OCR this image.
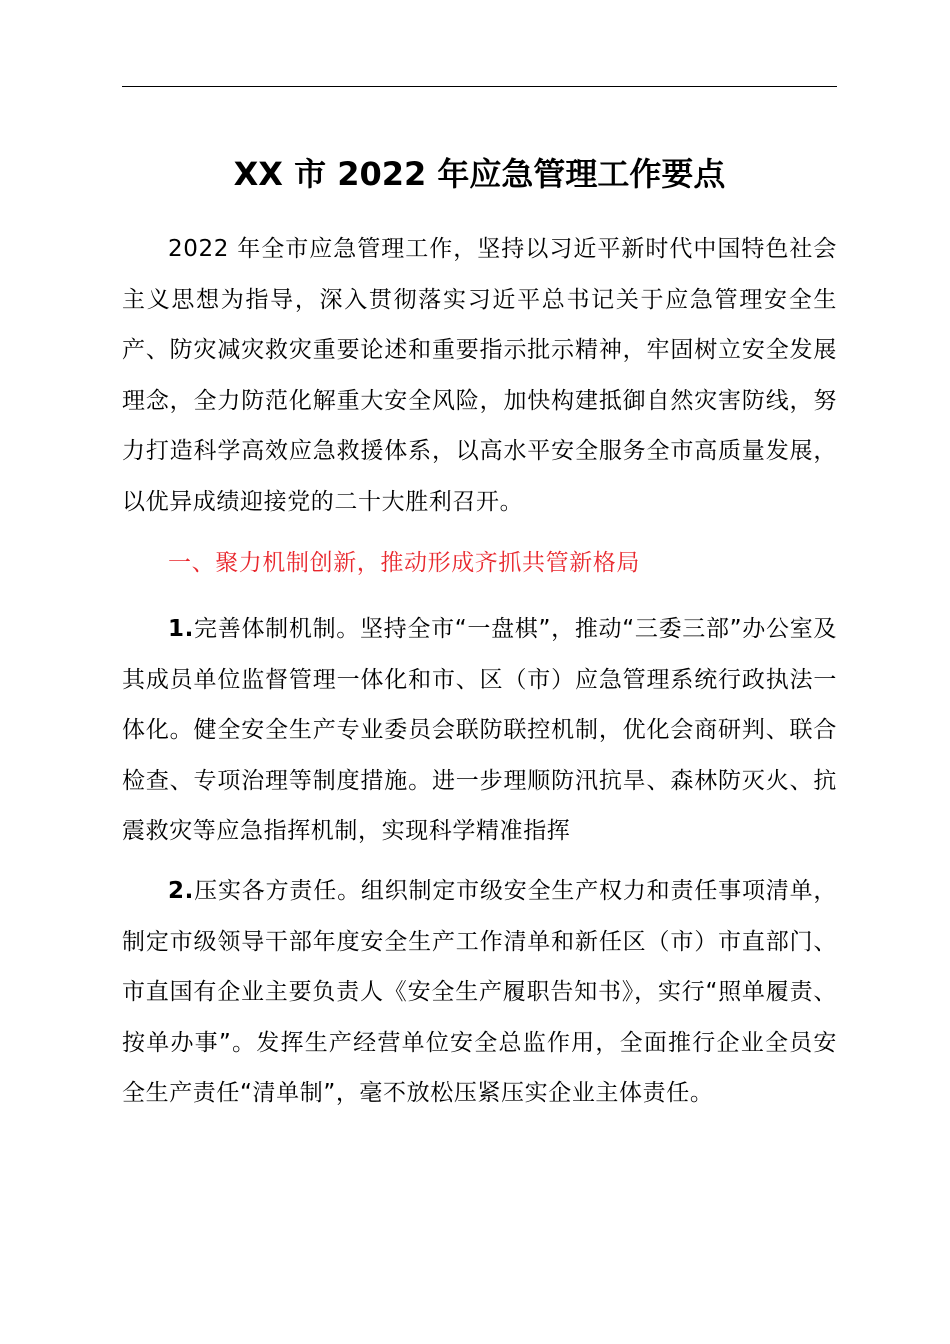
XX 市 2022 年应急管理工作要点

2022 年全市应急管理工作，坚持以习近平新时代中国特色社会主义思想为指导，深入贯彻落实习近平总书记关于应急管理安全生产、防灾减灾救灾重要论述和重要指示批示精神，牢固树立安全发展理念，全力防范化解重大安全风险，加快构建抵御自然灾害防线，努力打造科学高效应急救援体系，以高水平安全服务全市高质量发展，以优异成绩迎接党的二十大胜利召开。

一、聚力机制创新，推动形成齐抓共管新格局

1.完善体制机制。坚持全市“一盘棋”，推动“三委三部”办公室及其成员单位监督管理一体化和市、区（市）应急管理系统行政执法一体化。健全安全生产专业委员会联防联控机制，优化会商研判、联合检查、专项治理等制度措施。进一步理顺防汛抗旱、森林防灭火、抗震救灾等应急指挥机制，实现科学精准指挥

2.压实各方责任。组织制定市级安全生产权力和责任事项清单，制定市级领导干部年度安全生产工作清单和新任区（市）市直部门、市直国有企业主要负责人《安全生产履职告知书》，实行“照单履责、按单办事”。发挥生产经营单位安全总监作用，全面推行企业全员安全生产责任“清单制”，毫不放松压紧压实企业主体责任。
